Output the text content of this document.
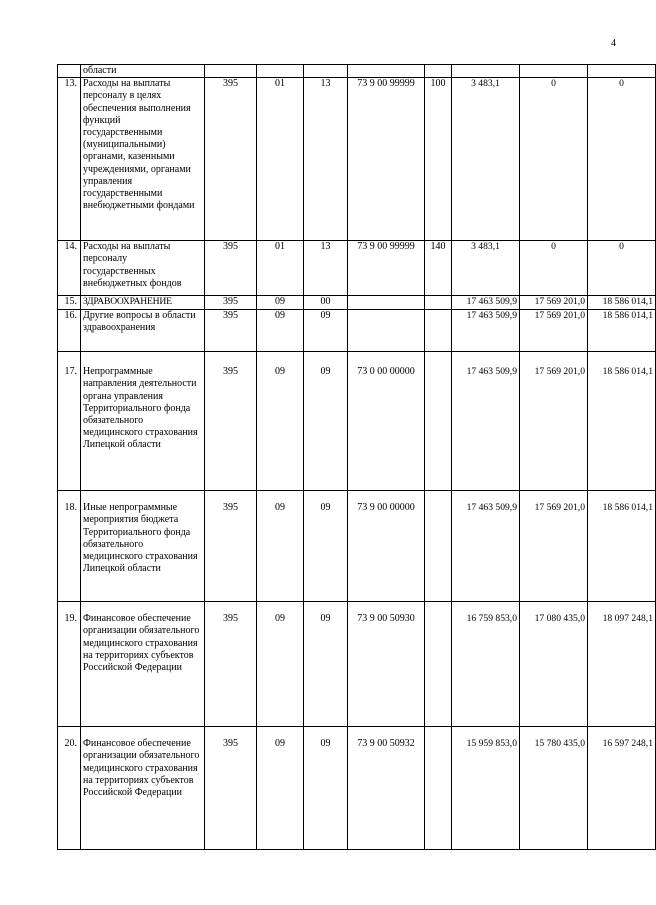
4
	области								
13.	Расходы на выплаты персоналу в целях обеспечения выполнения функций государственными (муниципальными) органами, казенными учреждениями, органами управления государственными внебюджетными фондами	395	01	13	73 9 00 99999	100	3 483,1	0	0
14.	Расходы на выплаты персоналу государственных внебюджетных фондов	395	01	13	73 9 00 99999	140	3 483,1	0	0
15.	ЗДРАВООХРАНЕНИЕ	395	09	00			17 463 509,9	17 569 201,0	18 586 014,1
16.	Другие вопросы в области здравоохранения	395	09	09			17 463 509,9	17 569 201,0	18 586 014,1
17.	Непрограммные направления деятельности органа управления Территориального фонда обязательного медицинского страхования Липецкой области	395	09	09	73 0 00 00000		17 463 509,9	17 569 201,0	18 586 014,1
18.	Иные непрограммные мероприятия бюджета Территориального фонда обязательного медицинского страхования Липецкой области	395	09	09	73 9 00 00000		17 463 509,9	17 569 201,0	18 586 014,1
19.	Финансовое обеспечение организации обязательного медицинского страхования на территориях субъектов Российской Федерации	395	09	09	73 9 00 50930		16 759 853,0	17 080 435,0	18 097 248,1
20.	Финансовое обеспечение организации обязательного медицинского страхования на территориях субъектов Российской Федерации	395	09	09	73 9 00 50932		15 959 853,0	15 780 435,0	16 597 248,1
